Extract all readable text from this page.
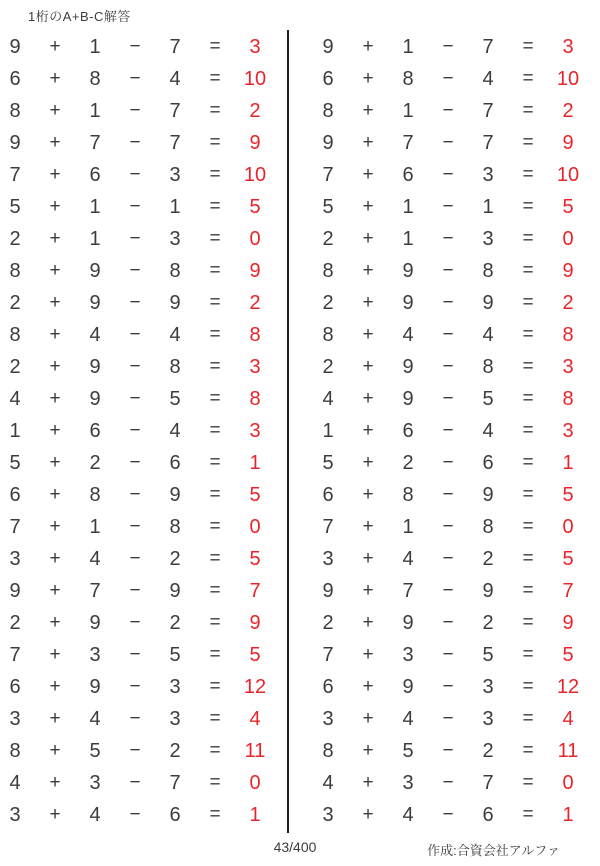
1桁のA+B-C解答
9 + 1 − 7 = 3
6 + 8 − 4 = 10
8 + 1 − 7 = 2
9 + 7 − 7 = 9
7 + 6 − 3 = 10
5 + 1 − 1 = 5
2 + 1 − 3 = 0
8 + 9 − 8 = 9
2 + 9 − 9 = 2
8 + 4 − 4 = 8
2 + 9 − 8 = 3
4 + 9 − 5 = 8
1 + 6 − 4 = 3
5 + 2 − 6 = 1
6 + 8 − 9 = 5
7 + 1 − 8 = 0
3 + 4 − 2 = 5
9 + 7 − 9 = 7
2 + 9 − 2 = 9
7 + 3 − 5 = 5
6 + 9 − 3 = 12
3 + 4 − 3 = 4
8 + 5 − 2 = 11
4 + 3 − 7 = 0
3 + 4 − 6 = 1
9 + 1 − 7 = 3
6 + 8 − 4 = 10
8 + 1 − 7 = 2
9 + 7 − 7 = 9
7 + 6 − 3 = 10
5 + 1 − 1 = 5
2 + 1 − 3 = 0
8 + 9 − 8 = 9
2 + 9 − 9 = 2
8 + 4 − 4 = 8
2 + 9 − 8 = 3
4 + 9 − 5 = 8
1 + 6 − 4 = 3
5 + 2 − 6 = 1
6 + 8 − 9 = 5
7 + 1 − 8 = 0
3 + 4 − 2 = 5
9 + 7 − 9 = 7
2 + 9 − 2 = 9
7 + 3 − 5 = 5
6 + 9 − 3 = 12
3 + 4 − 3 = 4
8 + 5 − 2 = 11
4 + 3 − 7 = 0
3 + 4 − 6 = 1
43/400	作成:合資会社アルファ
